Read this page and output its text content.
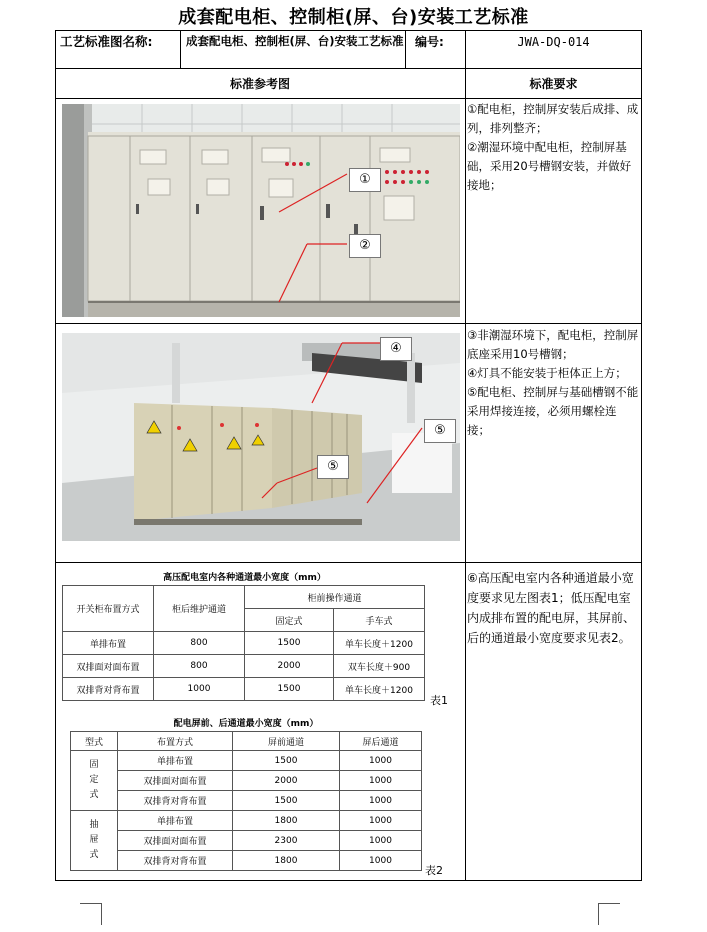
成套配电柜、控制柜(屏、台)安装工艺标准
工艺标准图名称:	成套配电柜、控制柜(屏、台)安装工艺标准 编号:	JWA-DQ-014
标准参考图	标准要求
①
②
④
⑤
⑤
①配电柜，控制屏安装后成排、成列，排列整齐；
②潮湿环境中配电柜，控制屏基础，采用20号槽钢安装，并做好接地；
③非潮湿环境下，配电柜，控制屏底座采用10号槽钢；
④灯具不能安装于柜体正上方；
⑤配电柜、控制屏与基础槽钢不能采用焊接连接，必须用螺栓连接；
⑥高压配电室内各种通道最小宽度要求见左图表1；低压配电室内成排布置的配电屏，其屏前、后的通道最小宽度要求见表2。
高压配电室内各种通道最小宽度（mm）
开关柜布置方式	柜后维护通道	柜前操作通道	
		固定式	手车式
单排布置	800	1500	单车长度＋1200
双排面对面布置	800	2000	双车长度＋900
双排背对背布置	1000	1500	单车长度＋1200
表1
配电屏前、后通道最小宽度（mm）
型式	布置方式	屏前通道	屏后通道
固
定
式	单排布置	1500	1000
	双排面对面布置	2000	1000
	双排背对背布置	1500	1000
抽
屉
式	单排布置	1800	1000
	双排面对面布置	2300	1000
	双排背对背布置	1800	1000
表2
